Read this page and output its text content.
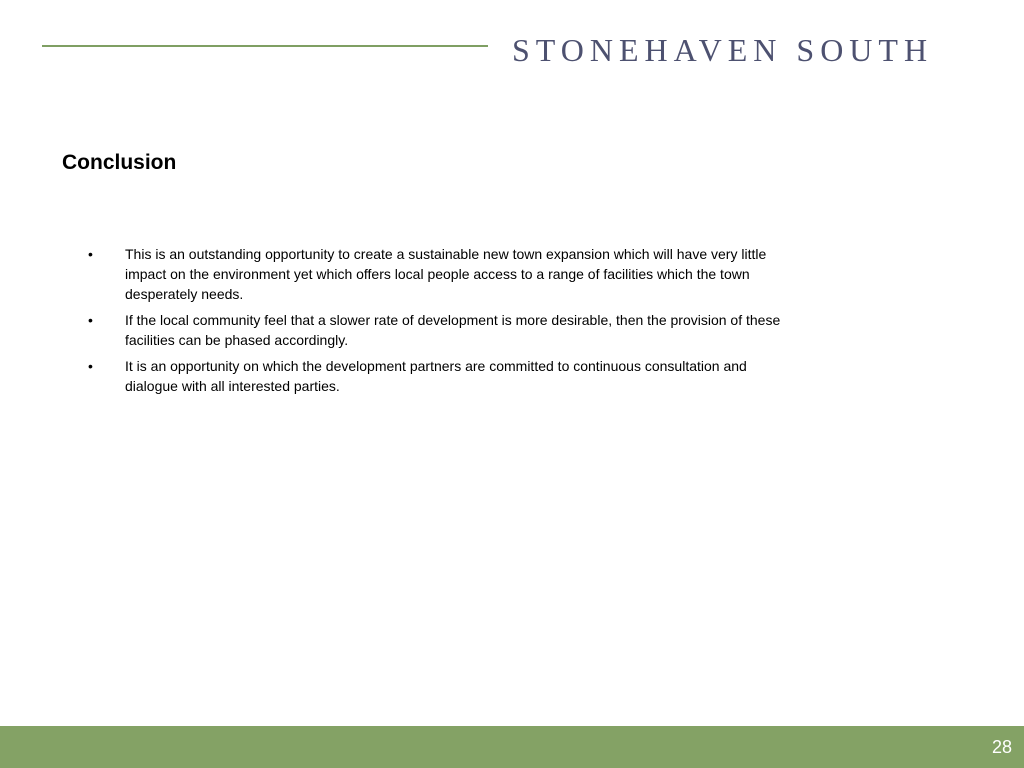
STONEHAVEN SOUTH
Conclusion
• This is an outstanding opportunity to create a sustainable new town expansion which will have very little impact on the environment yet which offers local people access to a range of facilities which the town desperately needs.
• If the local community feel that a slower rate of development is more desirable, then the provision of these facilities can be phased accordingly.
• It is an opportunity on which the development partners are committed to continuous consultation and dialogue with all interested parties.
28
